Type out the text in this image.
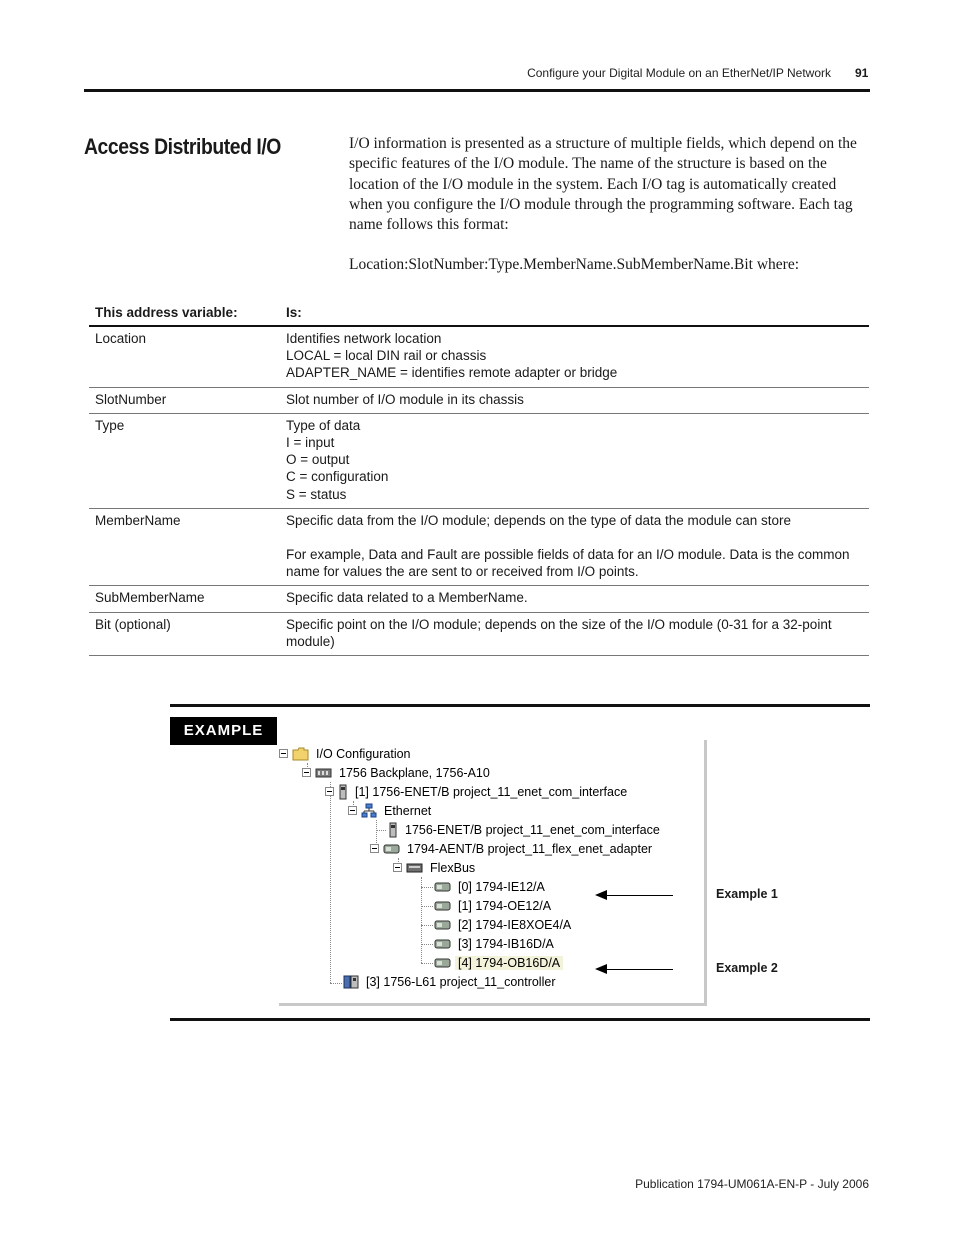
Configure your Digital Module on an EtherNet/IP Network 91
Access Distributed I/O	I/O information is presented as a structure of multiple fields, which depend on the specific features of the I/O module. The name of the structure is based on the location of the I/O module in the system. Each I/O tag is automatically created when you configure the I/O module through the programming software. Each tag name follows this format:

Location:SlotNumber:Type.MemberName.SubMemberName.Bit where:

This address variable:	Is:
Location	Identifies network location
LOCAL = local DIN rail or chassis
ADAPTER_NAME = identifies remote adapter or bridge

SlotNumber	Slot number of I/O module in its chassis

Type	Type of data
I = input
O = output
C = configuration
S = status

MemberName	Specific data from the I/O module; depends on the type of data the module can store
For example, Data and Fault are possible fields of data for an I/O module. Data is the common name for values the are sent to or received from I/O points.

SubMemberName	Specific data related to a MemberName.

Bit (optional)	Specific point on the I/O module; depends on the size of the I/O module (0-31 for a 32-point module)
EXAMPLE
I/O Configuration
1756 Backplane, 1756-A10
[1] 1756-ENET/B project_11_enet_com_interface
Ethernet
1756-ENET/B project_11_enet_com_interface
1794-AENT/B project_11_flex_enet_adapter
FlexBus
[0] 1794-IE12/A
[1] 1794-OE12/A
[2] 1794-IE8XOE4/A
[3] 1794-IB16D/A
[4] 1794-OB16D/A
[3] 1756-L61 project_11_controller
Example 1
Example 2
Publication 1794-UM061A-EN-P - July 2006
